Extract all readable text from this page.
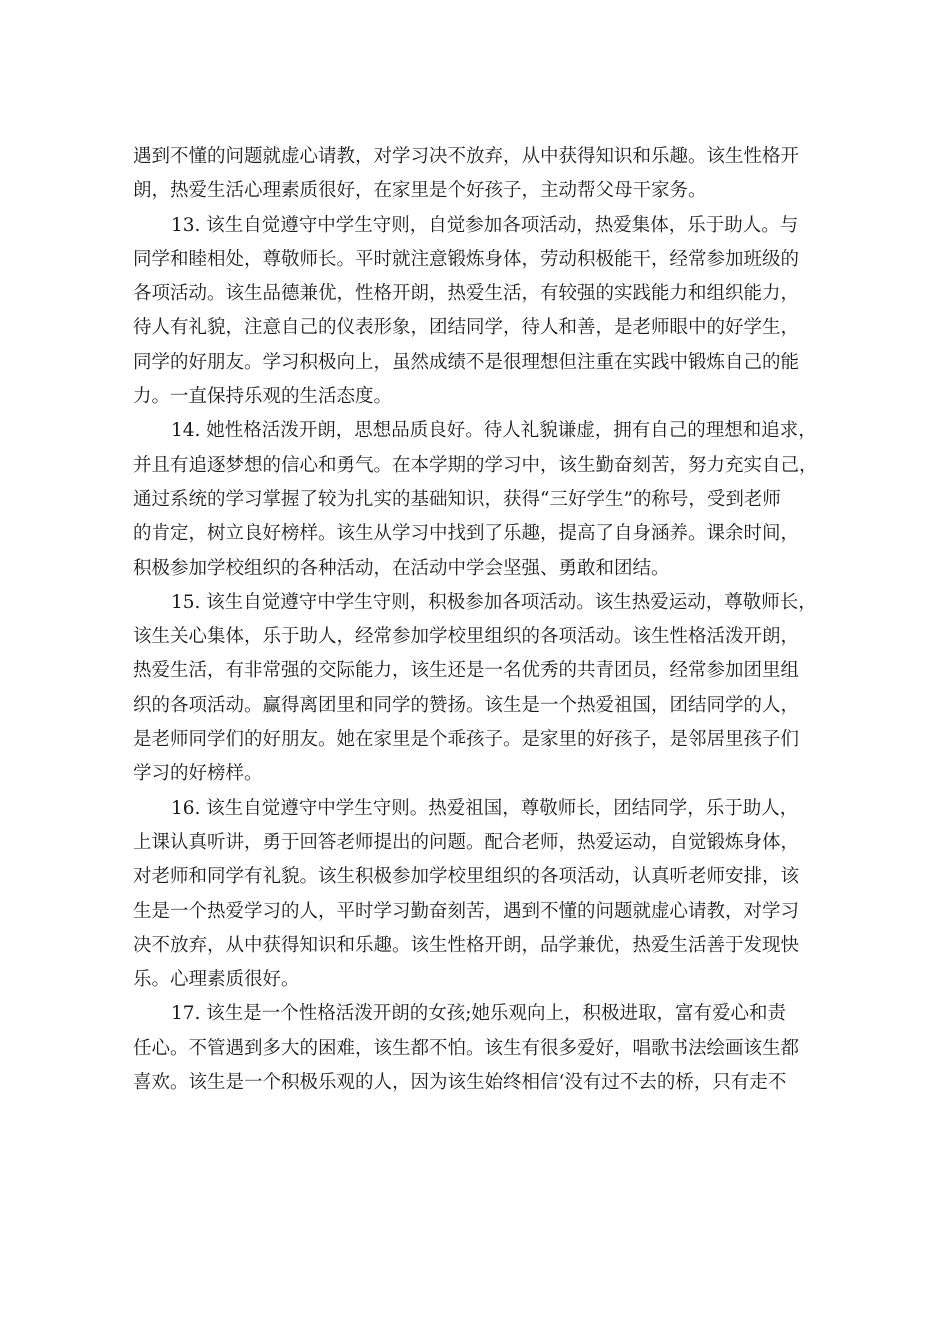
遇到不懂的问题就虚心请教，对学习决不放弃，从中获得知识和乐趣。该生性格开
朗，热爱生活心理素质很好，在家里是个好孩子，主动帮父母干家务。
13. 该生自觉遵守中学生守则，自觉参加各项活动，热爱集体，乐于助人。与
同学和睦相处，尊敬师长。平时就注意锻炼身体，劳动积极能干，经常参加班级的
各项活动。该生品德兼优，性格开朗，热爱生活，有较强的实践能力和组织能力，
待人有礼貌，注意自己的仪表形象，团结同学，待人和善，是老师眼中的好学生，
同学的好朋友。学习积极向上，虽然成绩不是很理想但注重在实践中锻炼自己的能
力。一直保持乐观的生活态度。
14. 她性格活泼开朗，思想品质良好。待人礼貌谦虚，拥有自己的理想和追求，
并且有追逐梦想的信心和勇气。在本学期的学习中，该生勤奋刻苦，努力充实自己，
通过系统的学习掌握了较为扎实的基础知识，获得“三好学生”的称号，受到老师
的肯定，树立良好榜样。该生从学习中找到了乐趣，提高了自身涵养。课余时间，
积极参加学校组织的各种活动，在活动中学会坚强、勇敢和团结。
15. 该生自觉遵守中学生守则，积极参加各项活动。该生热爱运动，尊敬师长，
该生关心集体，乐于助人，经常参加学校里组织的各项活动。该生性格活泼开朗，
热爱生活，有非常强的交际能力，该生还是一名优秀的共青团员，经常参加团里组
织的各项活动。赢得离团里和同学的赞扬。该生是一个热爱祖国，团结同学的人，
是老师同学们的好朋友。她在家里是个乖孩子。是家里的好孩子，是邻居里孩子们
学习的好榜样。
16. 该生自觉遵守中学生守则。热爱祖国，尊敬师长，团结同学，乐于助人，
上课认真听讲，勇于回答老师提出的问题。配合老师，热爱运动，自觉锻炼身体，
对老师和同学有礼貌。该生积极参加学校里组织的各项活动，认真听老师安排，该
生是一个热爱学习的人，平时学习勤奋刻苦，遇到不懂的问题就虚心请教，对学习
决不放弃，从中获得知识和乐趣。该生性格开朗，品学兼优，热爱生活善于发现快
乐。心理素质很好。
17. 该生是一个性格活泼开朗的女孩;她乐观向上，积极进取，富有爱心和责
任心。不管遇到多大的困难，该生都不怕。该生有很多爱好，唱歌书法绘画该生都
喜欢。该生是一个积极乐观的人，因为该生始终相信‘没有过不去的桥，只有走不
